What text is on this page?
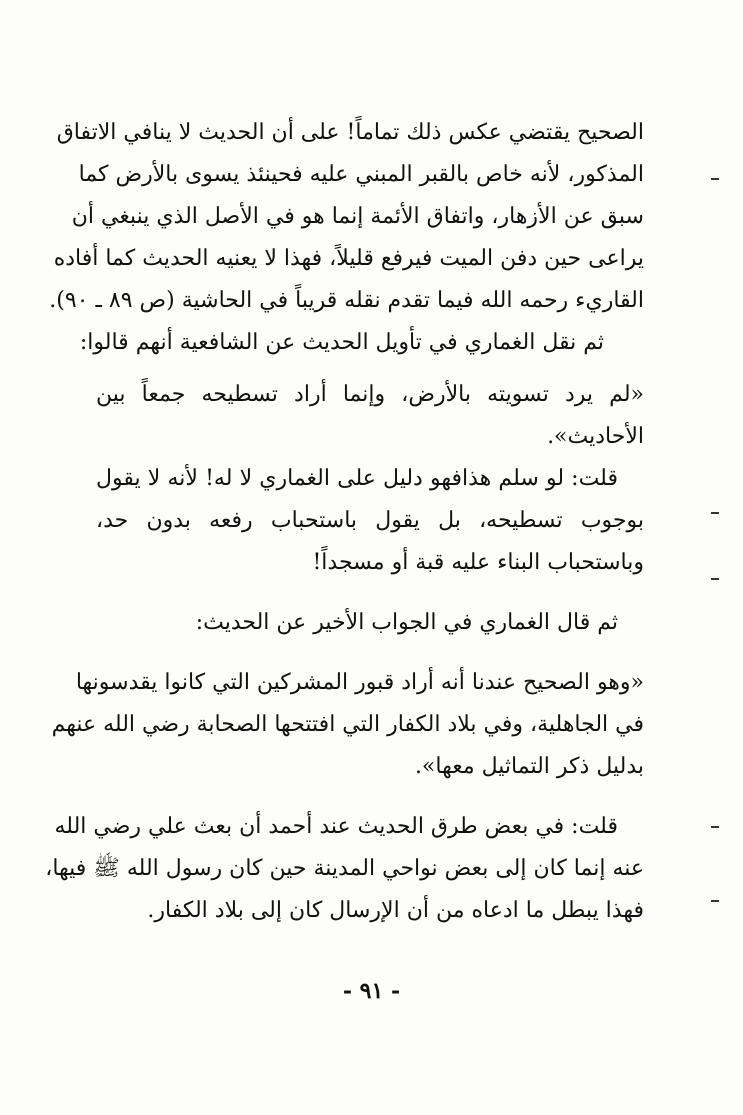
الصحيح يقتضي عكس ذلك تماماً! على أن الحديث لا ينافي الاتفاق
المذكور، لأنه خاص بالقبر المبني عليه فحينئذ يسوى بالأرض كما
سبق عن الأزهار، واتفاق الأئمة إنما هو في الأصل الذي ينبغي أن
يراعى حين دفن الميت فيرفع قليلاً، فهذا لا يعنيه الحديث كما أفاده
القاريء رحمه الله فيما تقدم نقله قريباً في الحاشية (ص ٨٩ ـ ٩٠).
ثم نقل الغماري في تأويل الحديث عن الشافعية أنهم قالوا:
«لم يرد تسويته بالأرض، وإنما أراد تسطيحه جمعاً بين
الأحاديث».
قلت: لو سلم هذافهو دليل على الغماري لا له! لأنه لا يقول
بوجوب تسطيحه، بل يقول باستحباب رفعه بدون حد،
وباستحباب البناء عليه قبة أو مسجداً!
ثم قال الغماري في الجواب الأخير عن الحديث:
«وهو الصحيح عندنا أنه أراد قبور المشركين التي كانوا يقدسونها
في الجاهلية، وفي بلاد الكفار التي افتتحها الصحابة رضي الله عنهم
بدليل ذكر التماثيل معها».
قلت: في بعض طرق الحديث عند أحمد أن بعث علي رضي الله
عنه إنما كان إلى بعض نواحي المدينة حين كان رسول الله ﷺ فيها،
فهذا يبطل ما ادعاه من أن الإرسال كان إلى بلاد الكفار.
- ٩١ -
